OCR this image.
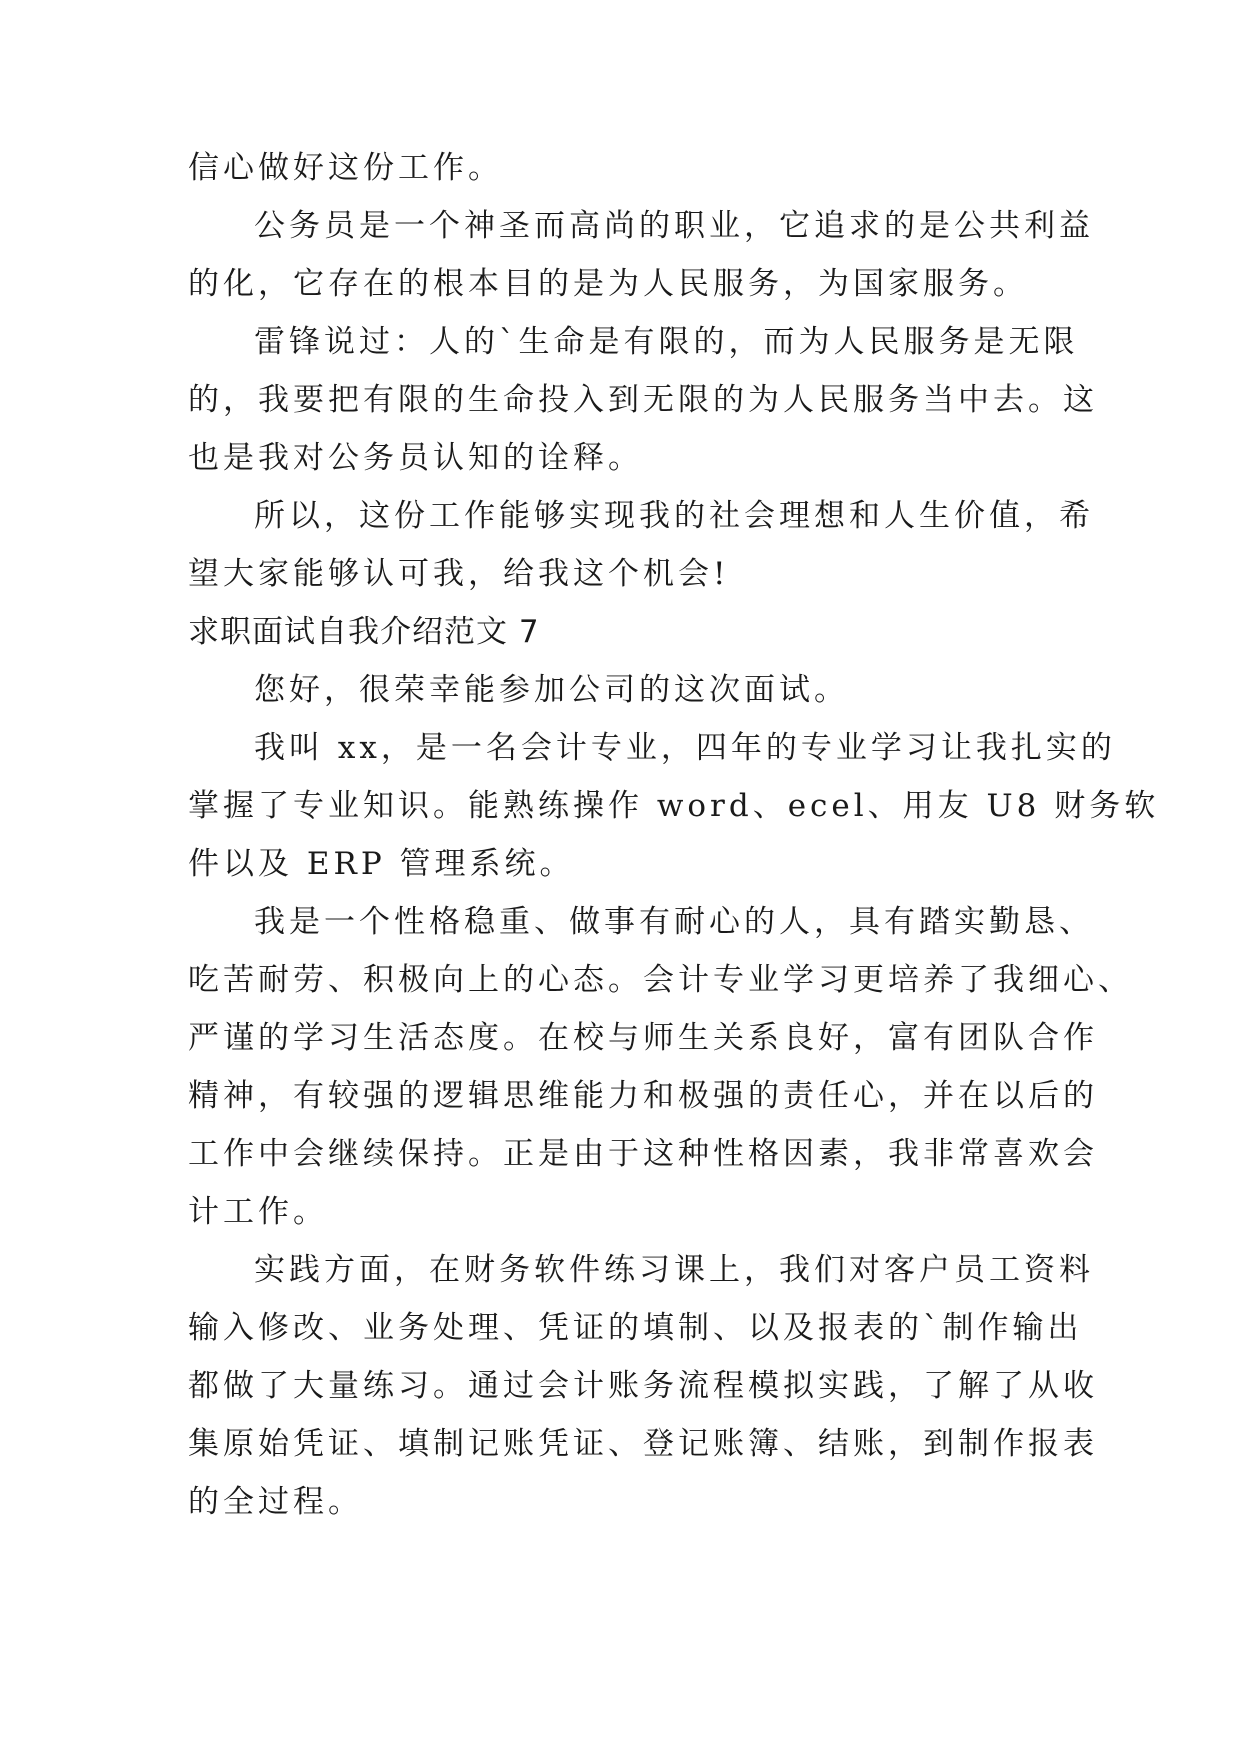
信心做好这份工作。
公务员是一个神圣而高尚的职业，它追求的是公共利益
的化，它存在的根本目的是为人民服务，为国家服务。
雷锋说过：人的`生命是有限的，而为人民服务是无限
的，我要把有限的生命投入到无限的为人民服务当中去。这
也是我对公务员认知的诠释。
所以，这份工作能够实现我的社会理想和人生价值，希
望大家能够认可我，给我这个机会!
求职面试自我介绍范文 7
您好，很荣幸能参加公司的这次面试。
我叫 xx，是一名会计专业，四年的专业学习让我扎实的
掌握了专业知识。能熟练操作 word、ecel、用友 U8 财务软
件以及 ERP 管理系统。
我是一个性格稳重、做事有耐心的人，具有踏实勤恳、
吃苦耐劳、积极向上的心态。会计专业学习更培养了我细心、
严谨的学习生活态度。在校与师生关系良好，富有团队合作
精神，有较强的逻辑思维能力和极强的责任心，并在以后的
工作中会继续保持。正是由于这种性格因素，我非常喜欢会
计工作。
实践方面，在财务软件练习课上，我们对客户员工资料
输入修改、业务处理、凭证的填制、以及报表的`制作输出
都做了大量练习。通过会计账务流程模拟实践，了解了从收
集原始凭证、填制记账凭证、登记账簿、结账，到制作报表
的全过程。
